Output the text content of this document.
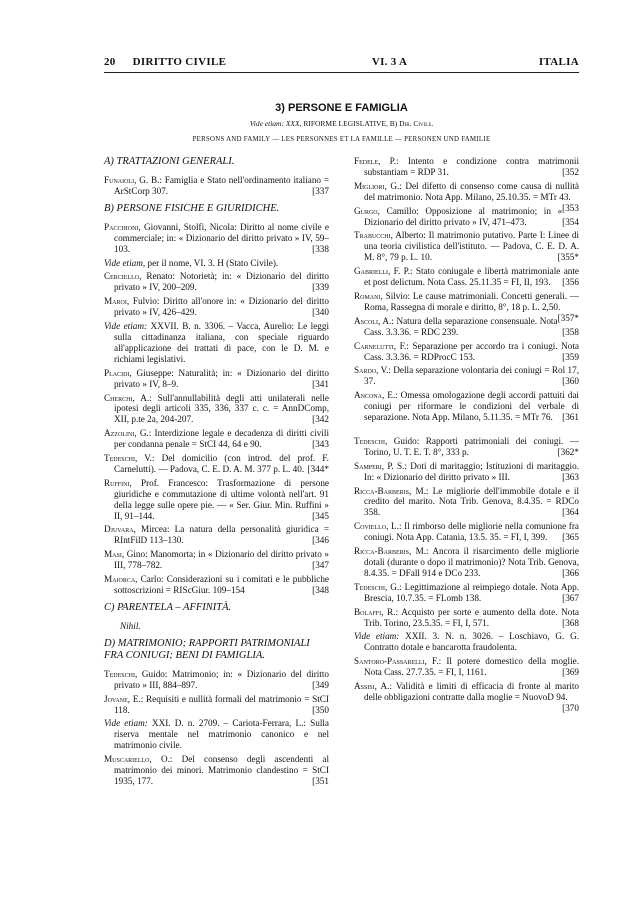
20 DIRITTO CIVILE	VI. 3 A	ITALIA
3) PERSONE E FAMIGLIA
Vide etiam: XXX, RIFORME LEGISLATIVE, B) Dir. Civile.
PERSONS AND FAMILY — LES PERSONNES ET LA FAMILLE — PERSONEN UND FAMILIE
A) TRATTAZIONI GENERALI.

Funaioli, G. B.: Famiglia e Stato nell'ordinamento italiano = ArStCorp 307.	[337

B) PERSONE FISICHE E GIURIDICHE.

Pacchioni, Giovanni, Stolfi, Nicola: Diritto al nome civile e commerciale; in: « Dizionario del diritto privato » IV, 59–103.	[338

Vide etiam, per il nome, VI. 3. H (Stato Civile).

Cerciello, Renato: Notorietà; in: « Dizionario del diritto privato » IV, 200–209.	[339

Maroi, Fulvio: Diritto all'onore in: « Dizionario del diritto privato » IV, 426–429.	[340

Vide etiam: XXVII. B. n. 3306. – Vacca, Aurelio: Le leggi sulla cittadinanza italiana, con speciale riguardo all'applicazione dei trattati di pace, con le D. M. e richiami legislativi.

Placidi, Giuseppe: Naturalità; in: « Dizionario del diritto privato » IV, 8–9.	[341

Cherchi, A.: Sull'annullabilità degli atti unilaterali nelle ipotesi degli articoli 335, 336, 337 c. c. = AnnDComp, XII, p.te 2a, 204-207.	[342

Azzolini, G.: Interdizione legale e decadenza di diritti civili per condanna penale = StCI 44, 64 e 90.	[343

Tedeschi, V.: Del domicilio (con introd. del prof. F. Carnelutti). — Padova, C. E. D. A. M. 377 p. L. 40. [344*

Ruffini, Prof. Francesco: Trasformazione di persone giuridiche e commutazione di ultime volontà nell'art. 91 della legge sulle opere pie. — « Ser. Giur. Min. Ruffini » II, 91–144.	[345

Djuvara, Mircea: La natura della personalità giuridica = RIntFilD 113–130.	[346

Masi, Gino: Manomorta; in « Dizionario del diritto privato » III, 778–782.	[347

Maiorca, Carlo: Considerazioni su i comitati e le pubbliche sottoscrizioni = RIScGiur. 109–154	[348

C) PARENTELA – AFFINITÀ.
Nihil.
D) MATRIMONIO; RAPPORTI PATRIMONIALI FRA CONIUGI; BENI DI FAMIGLIA.

Tedeschi, Guido: Matrimonio; in: « Dizionario del diritto privato » III, 884–897.	[349

Jovane, E.: Requisiti e nullità formali del matrimonio = StCI 118.	[350

Vide etiam: XXI. D. n. 2709. – Cariota-Ferrara, L.: Sulla riserva mentale nel matrimonio canonico e nel matrimonio civile.

Muscariello, O.: Del consenso degli ascendenti al matrimonio dei minori. Matrimonio clandestino = StCI 1935, 177.	[351

Fedele, P.: Intento e condizione contra matrimonii substantiam = RDP 31.	[352

Migliori, G.: Del difetto di consenso come causa di nullità del matrimonio. Nota App. Milano, 25.10.35. = MTr 43.
[353

Gurgo, Camillo: Opposizione al matrimonio; in « Dizionario del diritto privato » IV, 471–473.	[354

Trabucchi, Alberto: Il matrimonio putativo. Parte I: Linee di una teoria civilistica dell'istituto. — Padova, C. E. D. A. M. 8°, 79 p. L. 10.	[355*

Gabrielli, F. P.: Stato coniugale e libertà matrimoniale ante et post delictum. Nota Cass. 25.11.35 = FI, II, 193. [356

Romani, Silvio: Le cause matrimoniali. Concetti generali. — Roma, Rassegna di morale e diritto, 8°, 18 p. L. 2,50.
[357*

Ascoli, A.: Natura della separazione consensuale. Nota Cass. 3.3.36. = RDC 239.	[358

Carnelutti, F.: Separazione per accordo tra i coniugi. Nota Cass. 3.3.36. = RDProcC 153.	[359

Sardo, V.: Della separazione volontaria dei coniugi = Rol 17, 37.	[360

Ancona, E.: Omessa omologazione degli accordi pattuiti dai coniugi per riformare le condizioni del verbale di separazione. Nota App. Milano, 5.11.35. = MTr 76. [361

Tedeschi, Guido: Rapporti patrimoniali dei coniugi. — Torino, U. T. E. T. 8°, 333 p.	[362*

Samperi, P. S.: Doti di maritaggio; Istituzioni di maritaggio. In: « Dizionario del diritto privato » III.	[363

Ricca-Barberis, M.: Le migliorie dell'immobile dotale e il credito del marito. Nota Trib. Genova, 8.4.35. = RDCo 358.	[364

Coviello, L.: Il rimborso delle migliorie nella comunione fra coniugi. Nota App. Catania, 13.5. 35. = FI, I, 399. [365

Ricca-Barberis, M.: Ancora il risarcimento delle migliorie dotali (durante o dopo il matrimonio)? Nota Trib. Genova, 8.4.35. = DFall 914 e DCo 233.	[366

Tedeschi, G.: Legittimazione al reimpiego dotale. Nota App. Brescia, 10.7.35. = FLomb 138.	[367

Bolaffi, R.: Acquisto per sorte e aumento della dote. Nota Trib. Torino, 23.5.35. = FI, I, 571.	[368

Vide etiam: XXII. 3. N. n. 3026. – Loschiavo, G. G. Contratto dotale e bancarotta fraudolenta.

Santoro-Passarelli, F.: Il potere domestico della moglie. Nota Cass. 27.7.35. = FI, I, 1161.	[369

Assisi, A.: Validità e limiti di efficacia di fronte al marito delle obbligazioni contratte dalla moglie = NuovoD 94.
[370
